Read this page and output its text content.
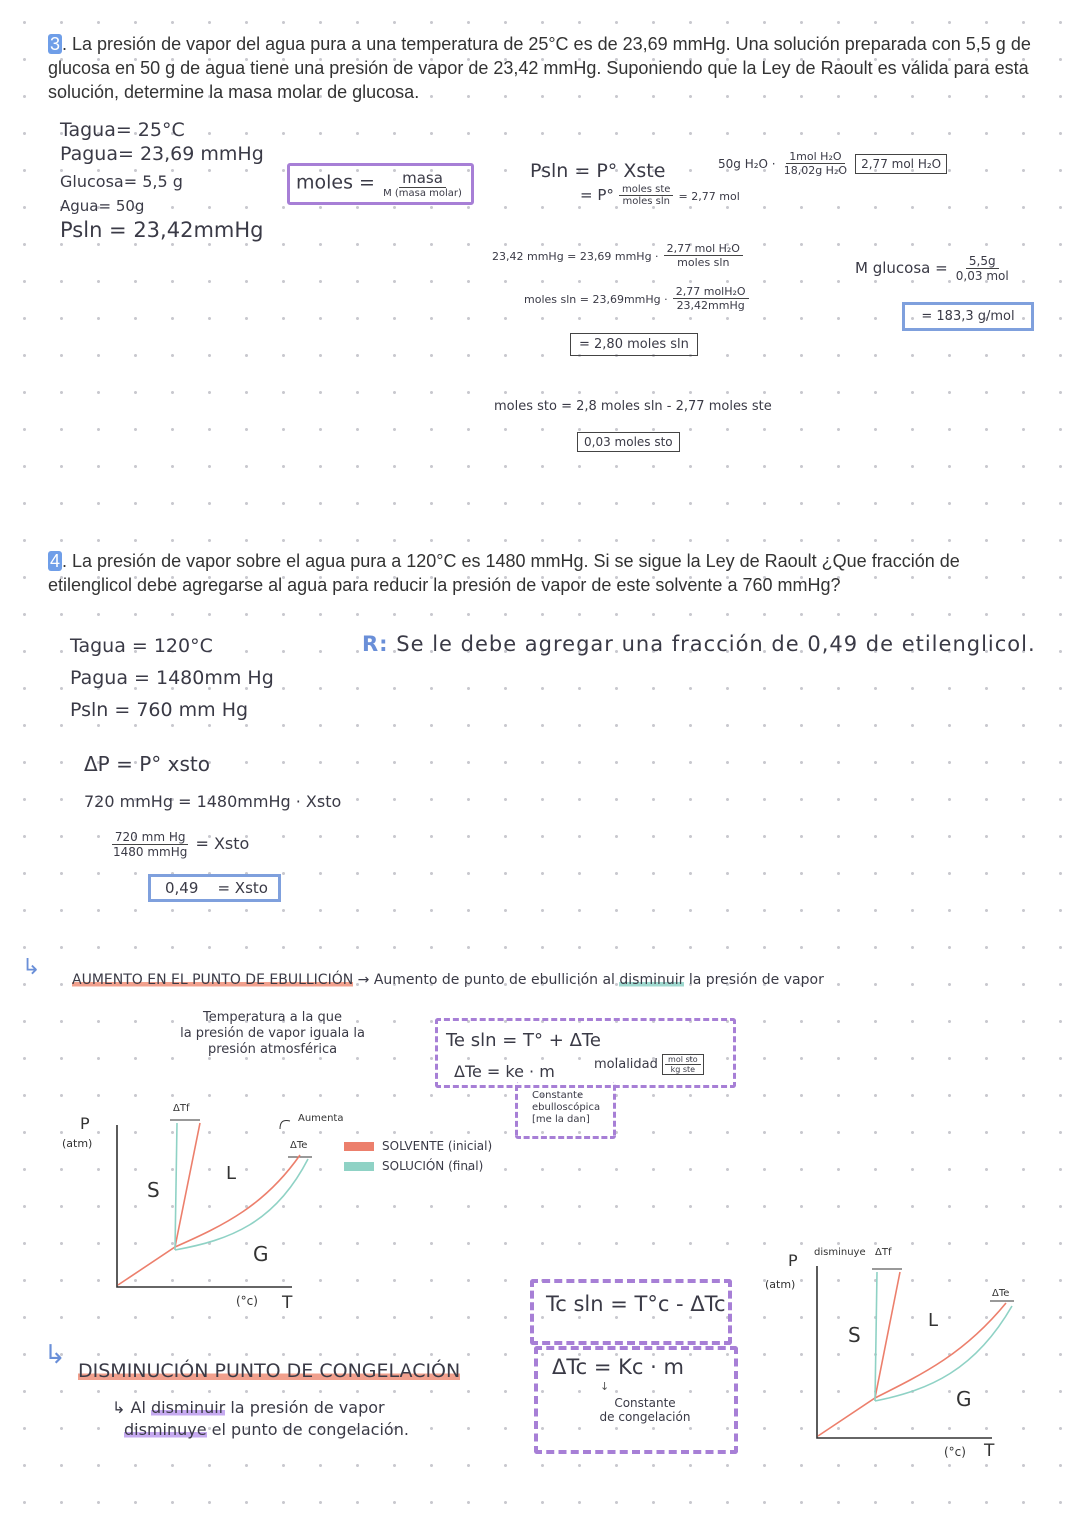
3 . La presión de vapor del agua pura a una temperatura de 25°C es de 23,69 mmHg. Una solución preparada con 5,5 g de glucosa en 50 g de agua tiene una presión de vapor de 23,42 mmHg. Suponiendo que la Ley de Raoult es válida para esta solución, determine la masa molar de glucosa.
Tagua= 25°C
Pagua= 23,69 mmHg
Glucosa= 5,5 g
Agua= 50g
Psln = 23,42mmHg
moles = $\frac{\text{masa}}{\text{M (masa molar)}}$	Psln = P° Xste
= $P^\circ \frac{\text{moles ste}}{\text{moles sln}} = 2,77$ mol
50g $H_2O \cdot \frac{\text{1mol H₂O}}{\text{18,02g H₂O}} 2,77$ mol H₂O
23,42 mmHg = 23,69 mmHg · $\frac{\text{2,77 mol H₂O}}{\text{moles sln}}$
moles sln = 23,69mmHg · $\frac{\text{2,77 molH₂O}}{\text{23,42mmHg}}$
= 2,80 moles sln
moles sto = 2,8 moles sln - 2,77 moles ste
0,03 moles sto
M $glucosa = \frac{5,5g}{\text{0,03 mol}}$
= 183,3 g/mol
4 . La presión de vapor sobre el agua pura a 120°C es 1480 mmHg. Si se sigue la Ley de Raoult ¿Que fracción de etilenglicol debe agregarse al agua para reducir la presión de vapor de este solvente a 760 mmHg?
Tagua = 120°C
Pagua = 1480mm Hg
Psln = 760 mm Hg
R: Se le debe agregar una fracción de 0,49 de etilenglicol.
ΔP = P° xsto
720 mmHg = 1480mmHg · Xsto
$\frac{\text{720 mm Hg}}{\text{1480 mmHg}}$ = Xsto
0,49    = Xsto
↳ AUMENTO EN EL PUNTO DE EBULLICIÓN → Aumento de punto de ebullición al disminuir la presión de vapor
Temperatura a la que
la presión de vapor iguala la
presión atmosférica	Te sln = T° + ΔTe
ΔTe = ke · m	molalidad $\frac{\text{mol sto}}{\text{kg ste}}$
Constante
ebulloscópica
[me la dan]
SOLVENTE (inicial)
SOLUCIÓN (final)
P
(atm)
(°c) T
ΔTf
ΔTe
Aumenta
S
L
G
↳
DISMINUCIÓN PUNTO DE CONGELACIÓN
↳ Al disminuir la presión de vapor
disminuye el punto de congelación.
Tc sln = T°c - ΔTc
ΔTc = Kc · m
↓
Constante
de congelación
P
(atm)
(°c) T
disminuye ΔTf
ΔTe
S
L
G
